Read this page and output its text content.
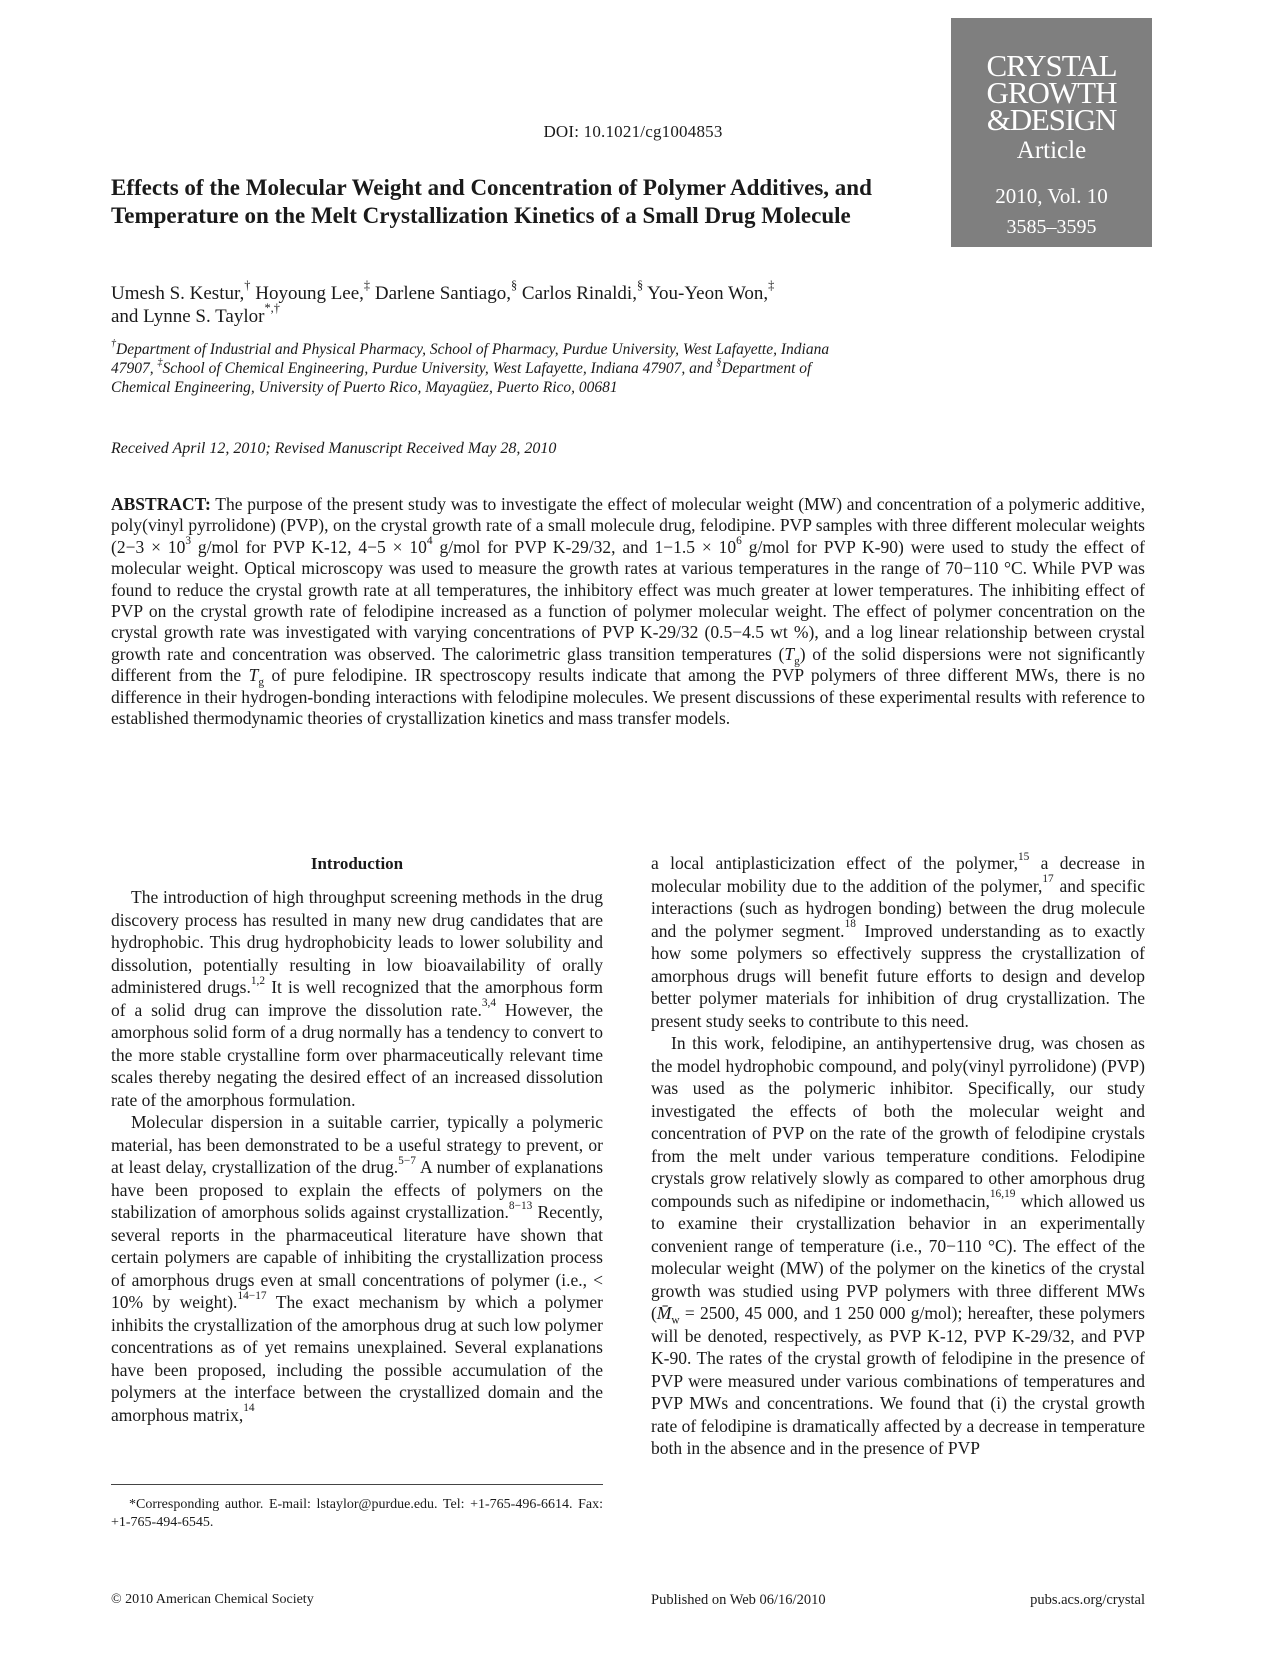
DOI: 10.1021/cg1004853
CRYSTAL
GROWTH
&DESIGN
Article
2010, Vol. 10
3585–3595
Effects of the Molecular Weight and Concentration of Polymer Additives, and Temperature on the Melt Crystallization Kinetics of a Small Drug Molecule
Umesh S. Kestur,† Hoyoung Lee,‡ Darlene Santiago,§ Carlos Rinaldi,§ You-Yeon Won,‡
and Lynne S. Taylor*,†
†Department of Industrial and Physical Pharmacy, School of Pharmacy, Purdue University, West Lafayette, Indiana 47907, ‡School of Chemical Engineering, Purdue University, West Lafayette, Indiana 47907, and §Department of Chemical Engineering, University of Puerto Rico, Mayagüez, Puerto Rico, 00681
Received April 12, 2010; Revised Manuscript Received May 28, 2010
ABSTRACT: The purpose of the present study was to investigate the effect of molecular weight (MW) and concentration of a polymeric additive, poly(vinyl pyrrolidone) (PVP), on the crystal growth rate of a small molecule drug, felodipine. PVP samples with three different molecular weights ($2-3 \times 10^3$ g/mol for PVP K-12, $4-5 \times 10^4$ g/mol for PVP K-29/32, and $1-1.5 \times 10^6$ g/mol for PVP K-90) were used to study the effect of molecular weight. Optical microscopy was used to measure the growth rates at various temperatures in the range of 70−110 °C. While PVP was found to reduce the crystal growth rate at all temperatures, the inhibitory effect was much greater at lower temperatures. The inhibiting effect of PVP on the crystal growth rate of felodipine increased as a function of polymer molecular weight. The effect of polymer concentration on the crystal growth rate was investigated with varying concentrations of PVP K-29/32 (0.5−4.5 wt %), and a log linear relationship between crystal growth rate and concentration was observed. The calorimetric glass transition temperatures $(T_g)$ of the solid dispersions were not significantly different from the $T_g$ of pure felodipine. IR spectroscopy results indicate that among the PVP polymers of three different MWs, there is no difference in their hydrogen-bonding interactions with felodipine molecules. We present discussions of these experimental results with reference to established thermodynamic theories of crystallization kinetics and mass transfer models.
Introduction

The introduction of high throughput screening methods in the drug discovery process has resulted in many new drug candidates that are hydrophobic. This drug hydrophobicity leads to lower solubility and dissolution, potentially resulting in low bioavailability of orally administered drugs.$^{1,2}$ It is well recognized that the amorphous form of a solid drug can improve the dissolution rate.$^{3,4}$ However, the amorphous solid form of a drug normally has a tendency to convert to the more stable crystalline form over pharmaceutically relevant time scales thereby negating the desired effect of an increased dissolution rate of the amorphous formulation.

Molecular dispersion in a suitable carrier, typically a polymeric material, has been demonstrated to be a useful strategy to prevent, or at least delay, crystallization of the drug.$^{5-7}$ A number of explanations have been proposed to explain the effects of polymers on the stabilization of amorphous solids against crystallization.$^{8-13}$ Recently, several reports in the pharmaceutical literature have shown that certain polymers are capable of inhibiting the crystallization process of amorphous drugs even at small concentrations of polymer (i.e., < 10% by weight).$^{14-17}$ The exact mechanism by which a polymer inhibits the crystallization of the amorphous drug at such low polymer concentrations as of yet remains unexplained. Several explanations have been proposed, including the possible accumulation of the polymers at the interface between the crystallized domain and the amorphous matrix,$^{14}$

a local antiplasticization effect of the polymer,$^{15}$ a decrease in molecular mobility due to the addition of the polymer,$^{17}$ and specific interactions (such as hydrogen bonding) between the drug molecule and the polymer segment.$^{18}$ Improved understanding as to exactly how some polymers so effectively suppress the crystallization of amorphous drugs will benefit future efforts to design and develop better polymer materials for inhibition of drug crystallization. The present study seeks to contribute to this need.

In this work, felodipine, an antihypertensive drug, was chosen as the model hydrophobic compound, and poly(vinyl pyrrolidone) (PVP) was used as the polymeric inhibitor. Specifically, our study investigated the effects of both the molecular weight and concentration of PVP on the rate of the growth of felodipine crystals from the melt under various temperature conditions. Felodipine crystals grow relatively slowly as compared to other amorphous drug compounds such as nifedipine or indomethacin,$^{16,19}$ which allowed us to examine their crystallization behavior in an experimentally convenient range of temperature (i.e., 70−110 °C). The effect of the molecular weight (MW) of the polymer on the kinetics of the crystal growth was studied using PVP polymers with three different MWs ($M̄_w = 2500$, 45 000, and 1 250 000 g/mol); hereafter, these polymers will be denoted, respectively, as PVP K-12, PVP K-29/32, and PVP K-90. The rates of the crystal growth of felodipine in the presence of PVP were measured under various combinations of temperatures and PVP MWs and concentrations. We found that (i) the crystal growth rate of felodipine is dramatically affected by a decrease in temperature both in the absence and in the presence of PVP

*Corresponding author. E-mail: lstaylor@purdue.edu. Tel: +1-765-496-6614. Fax: +1-765-494-6545.
© 2010 American Chemical Society	Published on Web 06/16/2010	pubs.acs.org/crystal
